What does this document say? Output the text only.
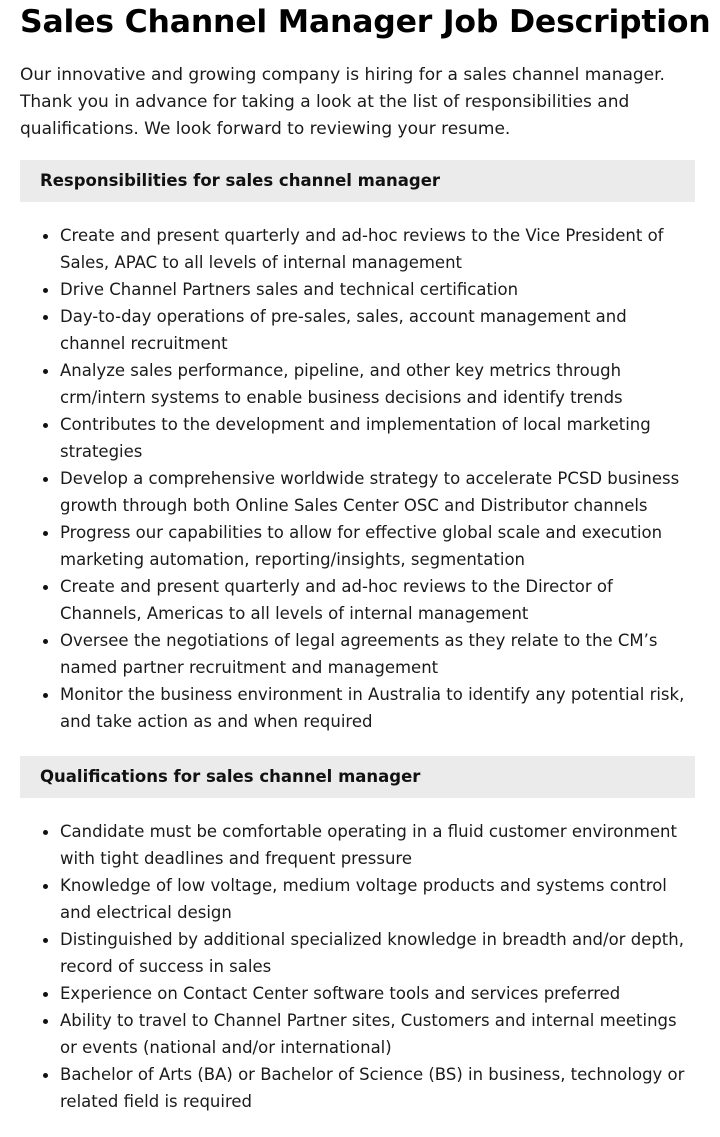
Sales Channel Manager Job Description

Our innovative and growing company is hiring for a sales channel manager. Thank you in advance for taking a look at the list of responsibilities and qualifications. We look forward to reviewing your resume.

Responsibilities for sales channel manager
Create and present quarterly and ad-hoc reviews to the Vice President of Sales, APAC to all levels of internal management
Drive Channel Partners sales and technical certification
Day-to-day operations of pre-sales, sales, account management and channel recruitment
Analyze sales performance, pipeline, and other key metrics through crm/intern systems to enable business decisions and identify trends
Contributes to the development and implementation of local marketing strategies
Develop a comprehensive worldwide strategy to accelerate PCSD business growth through both Online Sales Center OSC and Distributor channels
Progress our capabilities to allow for effective global scale and execution marketing automation, reporting/insights, segmentation
Create and present quarterly and ad-hoc reviews to the Director of Channels, Americas to all levels of internal management
Oversee the negotiations of legal agreements as they relate to the CM’s named partner recruitment and management
Monitor the business environment in Australia to identify any potential risk, and take action as and when required
Qualifications for sales channel manager
Candidate must be comfortable operating in a fluid customer environment with tight deadlines and frequent pressure
Knowledge of low voltage, medium voltage products and systems control and electrical design
Distinguished by additional specialized knowledge in breadth and/or depth, record of success in sales
Experience on Contact Center software tools and services preferred
Ability to travel to Channel Partner sites, Customers and internal meetings or events (national and/or international)
Bachelor of Arts (BA) or Bachelor of Science (BS) in business, technology or related field is required
